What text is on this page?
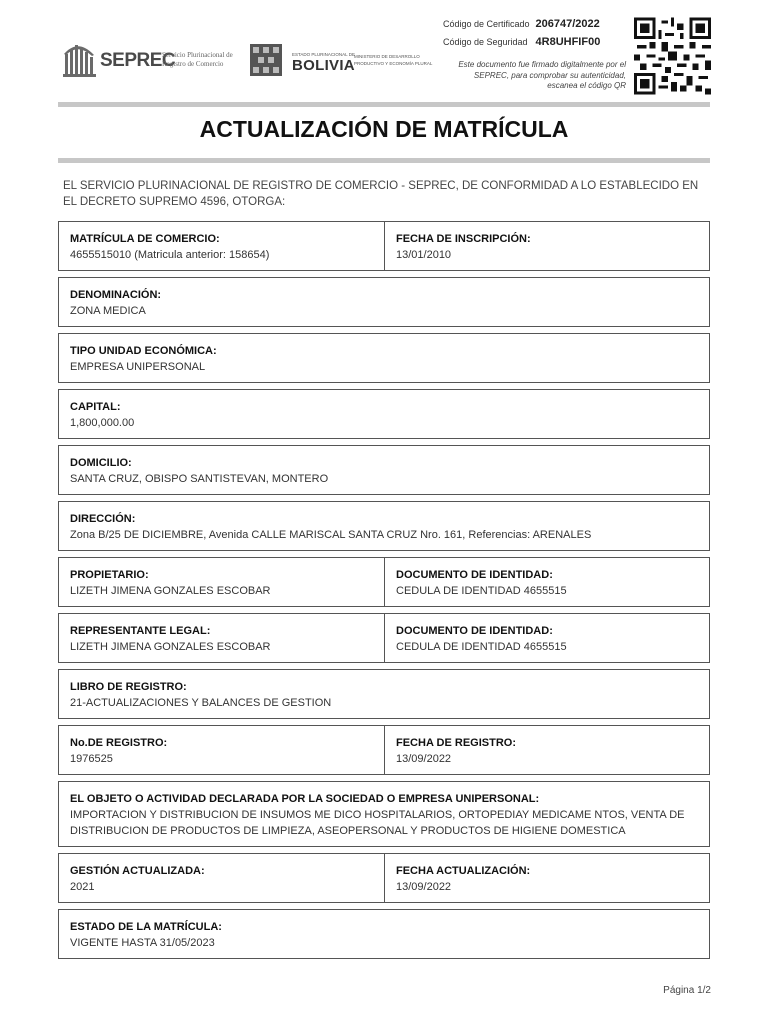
SEPREC
Servicio Plurinacional de Registro de Comercio
ESTADO PLURINACIONAL DE
BOLIVIA
MINISTERIO DE DESARROLLO PRODUCTIVO Y ECONOMÍA PLURAL
Código de Certificado 206747/2022
Código de Seguridad 4R8UHFIF00
Este documento fue firmado digitalmente por el SEPREC, para comprobar su autenticidad, escanea el código QR
ACTUALIZACIÓN DE MATRÍCULA
EL SERVICIO PLURINACIONAL DE REGISTRO DE COMERCIO - SEPREC, DE CONFORMIDAD A LO ESTABLECIDO EN EL DECRETO SUPREMO 4596, OTORGA:
MATRÍCULA DE COMERCIO:
4655515010 (Matricula anterior: 158654)
FECHA DE INSCRIPCIÓN:
13/01/2010
DENOMINACIÓN:
ZONA MEDICA
TIPO UNIDAD ECONÓMICA:
EMPRESA UNIPERSONAL
CAPITAL:
1,800,000.00
DOMICILIO:
SANTA CRUZ, OBISPO SANTISTEVAN, MONTERO
DIRECCIÓN:
Zona B/25 DE DICIEMBRE, Avenida CALLE MARISCAL SANTA CRUZ Nro. 161, Referencias: ARENALES
PROPIETARIO:
LIZETH JIMENA GONZALES ESCOBAR
DOCUMENTO DE IDENTIDAD:
CEDULA DE IDENTIDAD 4655515
REPRESENTANTE LEGAL:
LIZETH JIMENA GONZALES ESCOBAR
DOCUMENTO DE IDENTIDAD:
CEDULA DE IDENTIDAD 4655515
LIBRO DE REGISTRO:
21-ACTUALIZACIONES Y BALANCES DE GESTION
No.DE REGISTRO:
1976525
FECHA DE REGISTRO:
13/09/2022
EL OBJETO O ACTIVIDAD DECLARADA POR LA SOCIEDAD O EMPRESA UNIPERSONAL:
IMPORTACION Y DISTRIBUCION DE INSUMOS ME DICO HOSPITALARIOS, ORTOPEDIAY MEDICAME NTOS, VENTA DE DISTRIBUCION DE PRODUCTOS DE LIMPIEZA, ASEOPERSONAL Y PRODUCTOS DE HIGIENE DOMESTICA
GESTIÓN ACTUALIZADA:
2021
FECHA ACTUALIZACIÓN:
13/09/2022
ESTADO DE LA MATRÍCULA:
VIGENTE HASTA 31/05/2023
Página 1/2
